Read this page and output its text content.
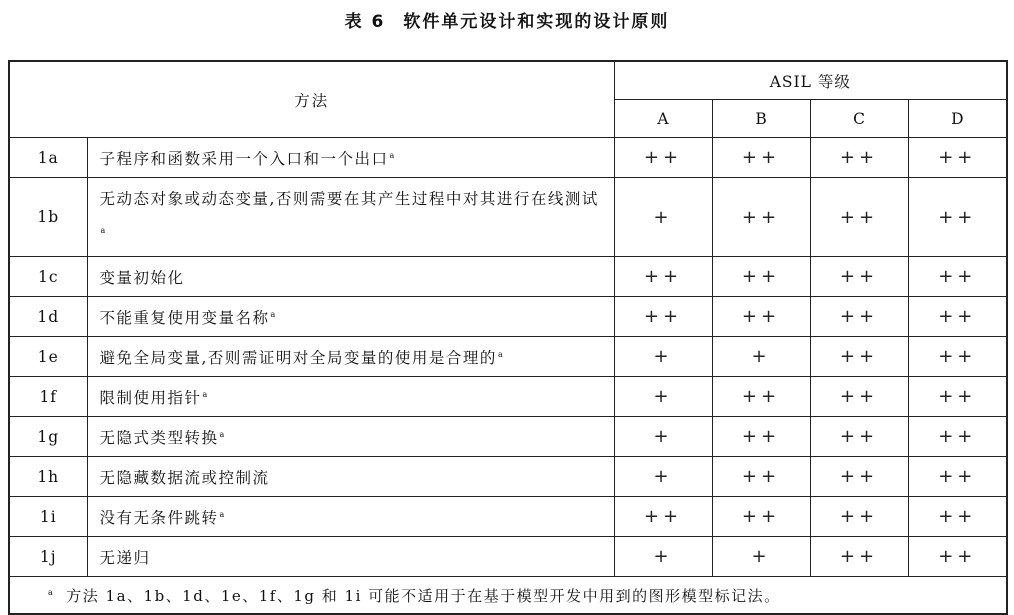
表 6 软件单元设计和实现的设计原则
方法		ASIL 等级			
		A	B	C	D
1a	子程序和函数采用一个入口和一个出口$^a$	++	++	++	++
1b	无动态对象或动态变量,否则需要在其产生过程中对其进行在线测试$^a$	+	++	++	++
1c	变量初始化	++	++	++	++
1d	不能重复使用变量名称$^a$	++	++	++	++
1e	避免全局变量,否则需证明对全局变量的使用是合理的$^a$	+	+	++	++
1f	限制使用指针$^a$	+	++	++	++
1g	无隐式类型转换$^a$	+	++	++	++
1h	无隐藏数据流或控制流	+	++	++	++
1i	没有无条件跳转$^a$	++	++	++	++
1j	无递归	+	+	++	++
$^a$ 方法 1a、1b、1d、1e、1f、1g 和 1i 可能不适用于在基于模型开发中用到的图形模型标记法。					
